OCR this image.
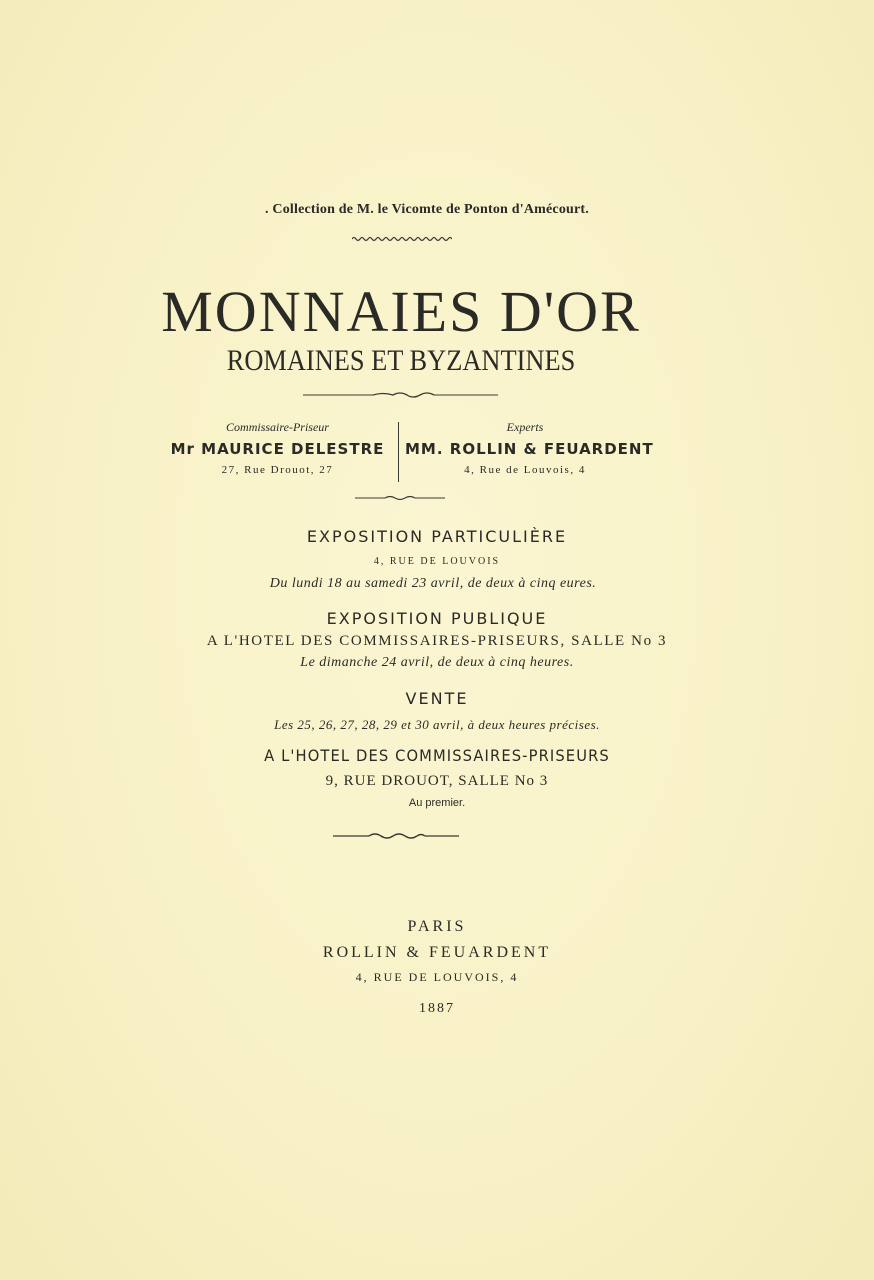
. Collection de M. le Vicomte de Ponton d'Amécourt.
MONNAIES D'OR
ROMAINES ET BYZANTINES
Commissaire-Priseur
Mr MAURICE DELESTRE
27, Rue Drouot, 27
Experts
MM. ROLLIN & FEUARDENT
4, Rue de Louvois, 4
EXPOSITION PARTICULIÈRE
4, RUE DE LOUVOIS
Du lundi 18 au samedi 23 avril, de deux à cinq eures.
EXPOSITION PUBLIQUE
A L'HOTEL DES COMMISSAIRES-PRISEURS, SALLE No 3
Le dimanche 24 avril, de deux à cinq heures.
VENTE
Les 25, 26, 27, 28, 29 et 30 avril, à deux heures précises.
A L'HOTEL DES COMMISSAIRES-PRISEURS
9, RUE DROUOT, SALLE No 3
Au premier.
PARIS
ROLLIN & FEUARDENT
4, RUE DE LOUVOIS, 4
1887
